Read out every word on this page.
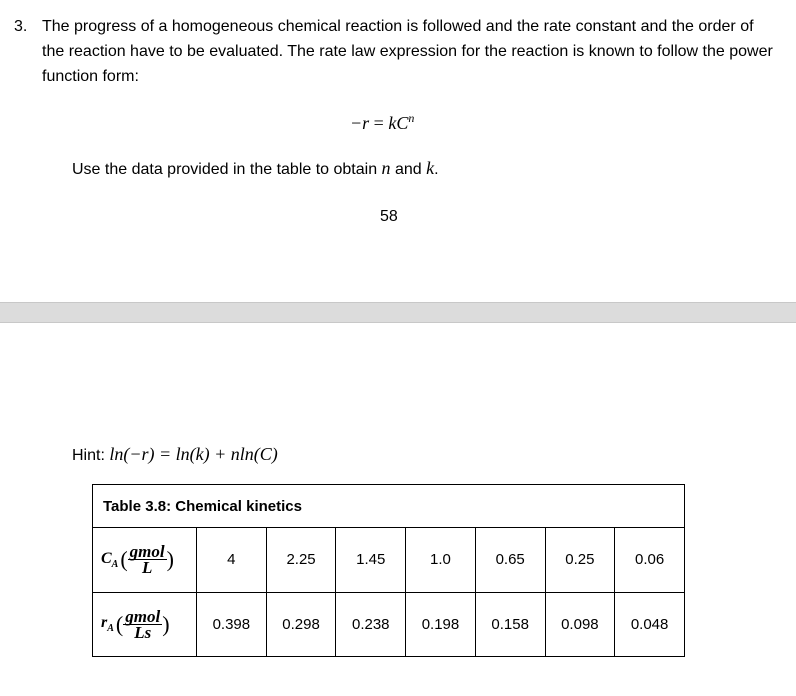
3. The progress of a homogeneous chemical reaction is followed and the rate constant and the order of the reaction have to be evaluated. The rate law expression for the reaction is known to follow the power function form:
$-r = kC^n$
Use the data provided in the table to obtain n and k.
58
Hint: ln(−r) = ln(k) + nln(C)
Table 3.8: Chemical kinetics							
$C_A( \frac{\text{gmol}}{L}$ )	4	2.25	1.45	1.0	0.65	0.25	0.06
$r_A( \frac{\text{gmol}}{Ls}$ )	0.398	0.298	0.238	0.198	0.158	0.098	0.048
